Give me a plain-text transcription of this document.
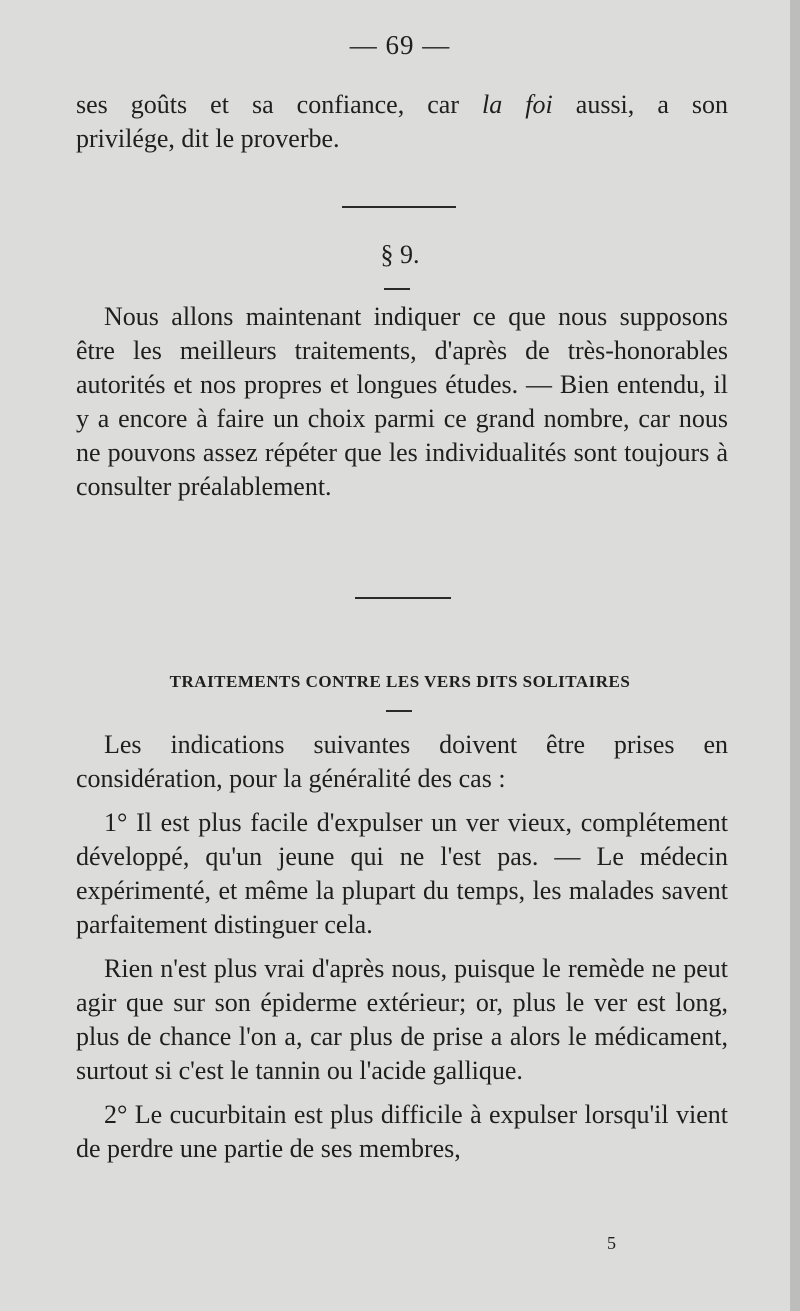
— 69 —

ses goûts et sa confiance, car la foi aussi, a son

privilége, dit le proverbe.

§ 9.

Nous allons maintenant indiquer ce que nous supposons être les meilleurs traitements, d'après de très-honorables autorités et nos propres et longues études. — Bien entendu, il y a encore à faire un choix parmi ce grand nombre, car nous ne pouvons assez répéter que les individualités sont toujours à consulter préalablement.

TRAITEMENTS CONTRE LES VERS DITS SOLITAIRES

Les indications suivantes doivent être prises en considération, pour la généralité des cas :

1° Il est plus facile d'expulser un ver vieux, complétement développé, qu'un jeune qui ne l'est pas. — Le médecin expérimenté, et même la plupart du temps, les malades savent parfaitement distinguer cela.

Rien n'est plus vrai d'après nous, puisque le remède ne peut agir que sur son épiderme extérieur; or, plus le ver est long, plus de chance l'on a, car plus de prise a alors le médicament, surtout si c'est le tannin ou l'acide gallique.

2° Le cucurbitain est plus difficile à expulser lorsqu'il vient de perdre une partie de ses membres,

5
